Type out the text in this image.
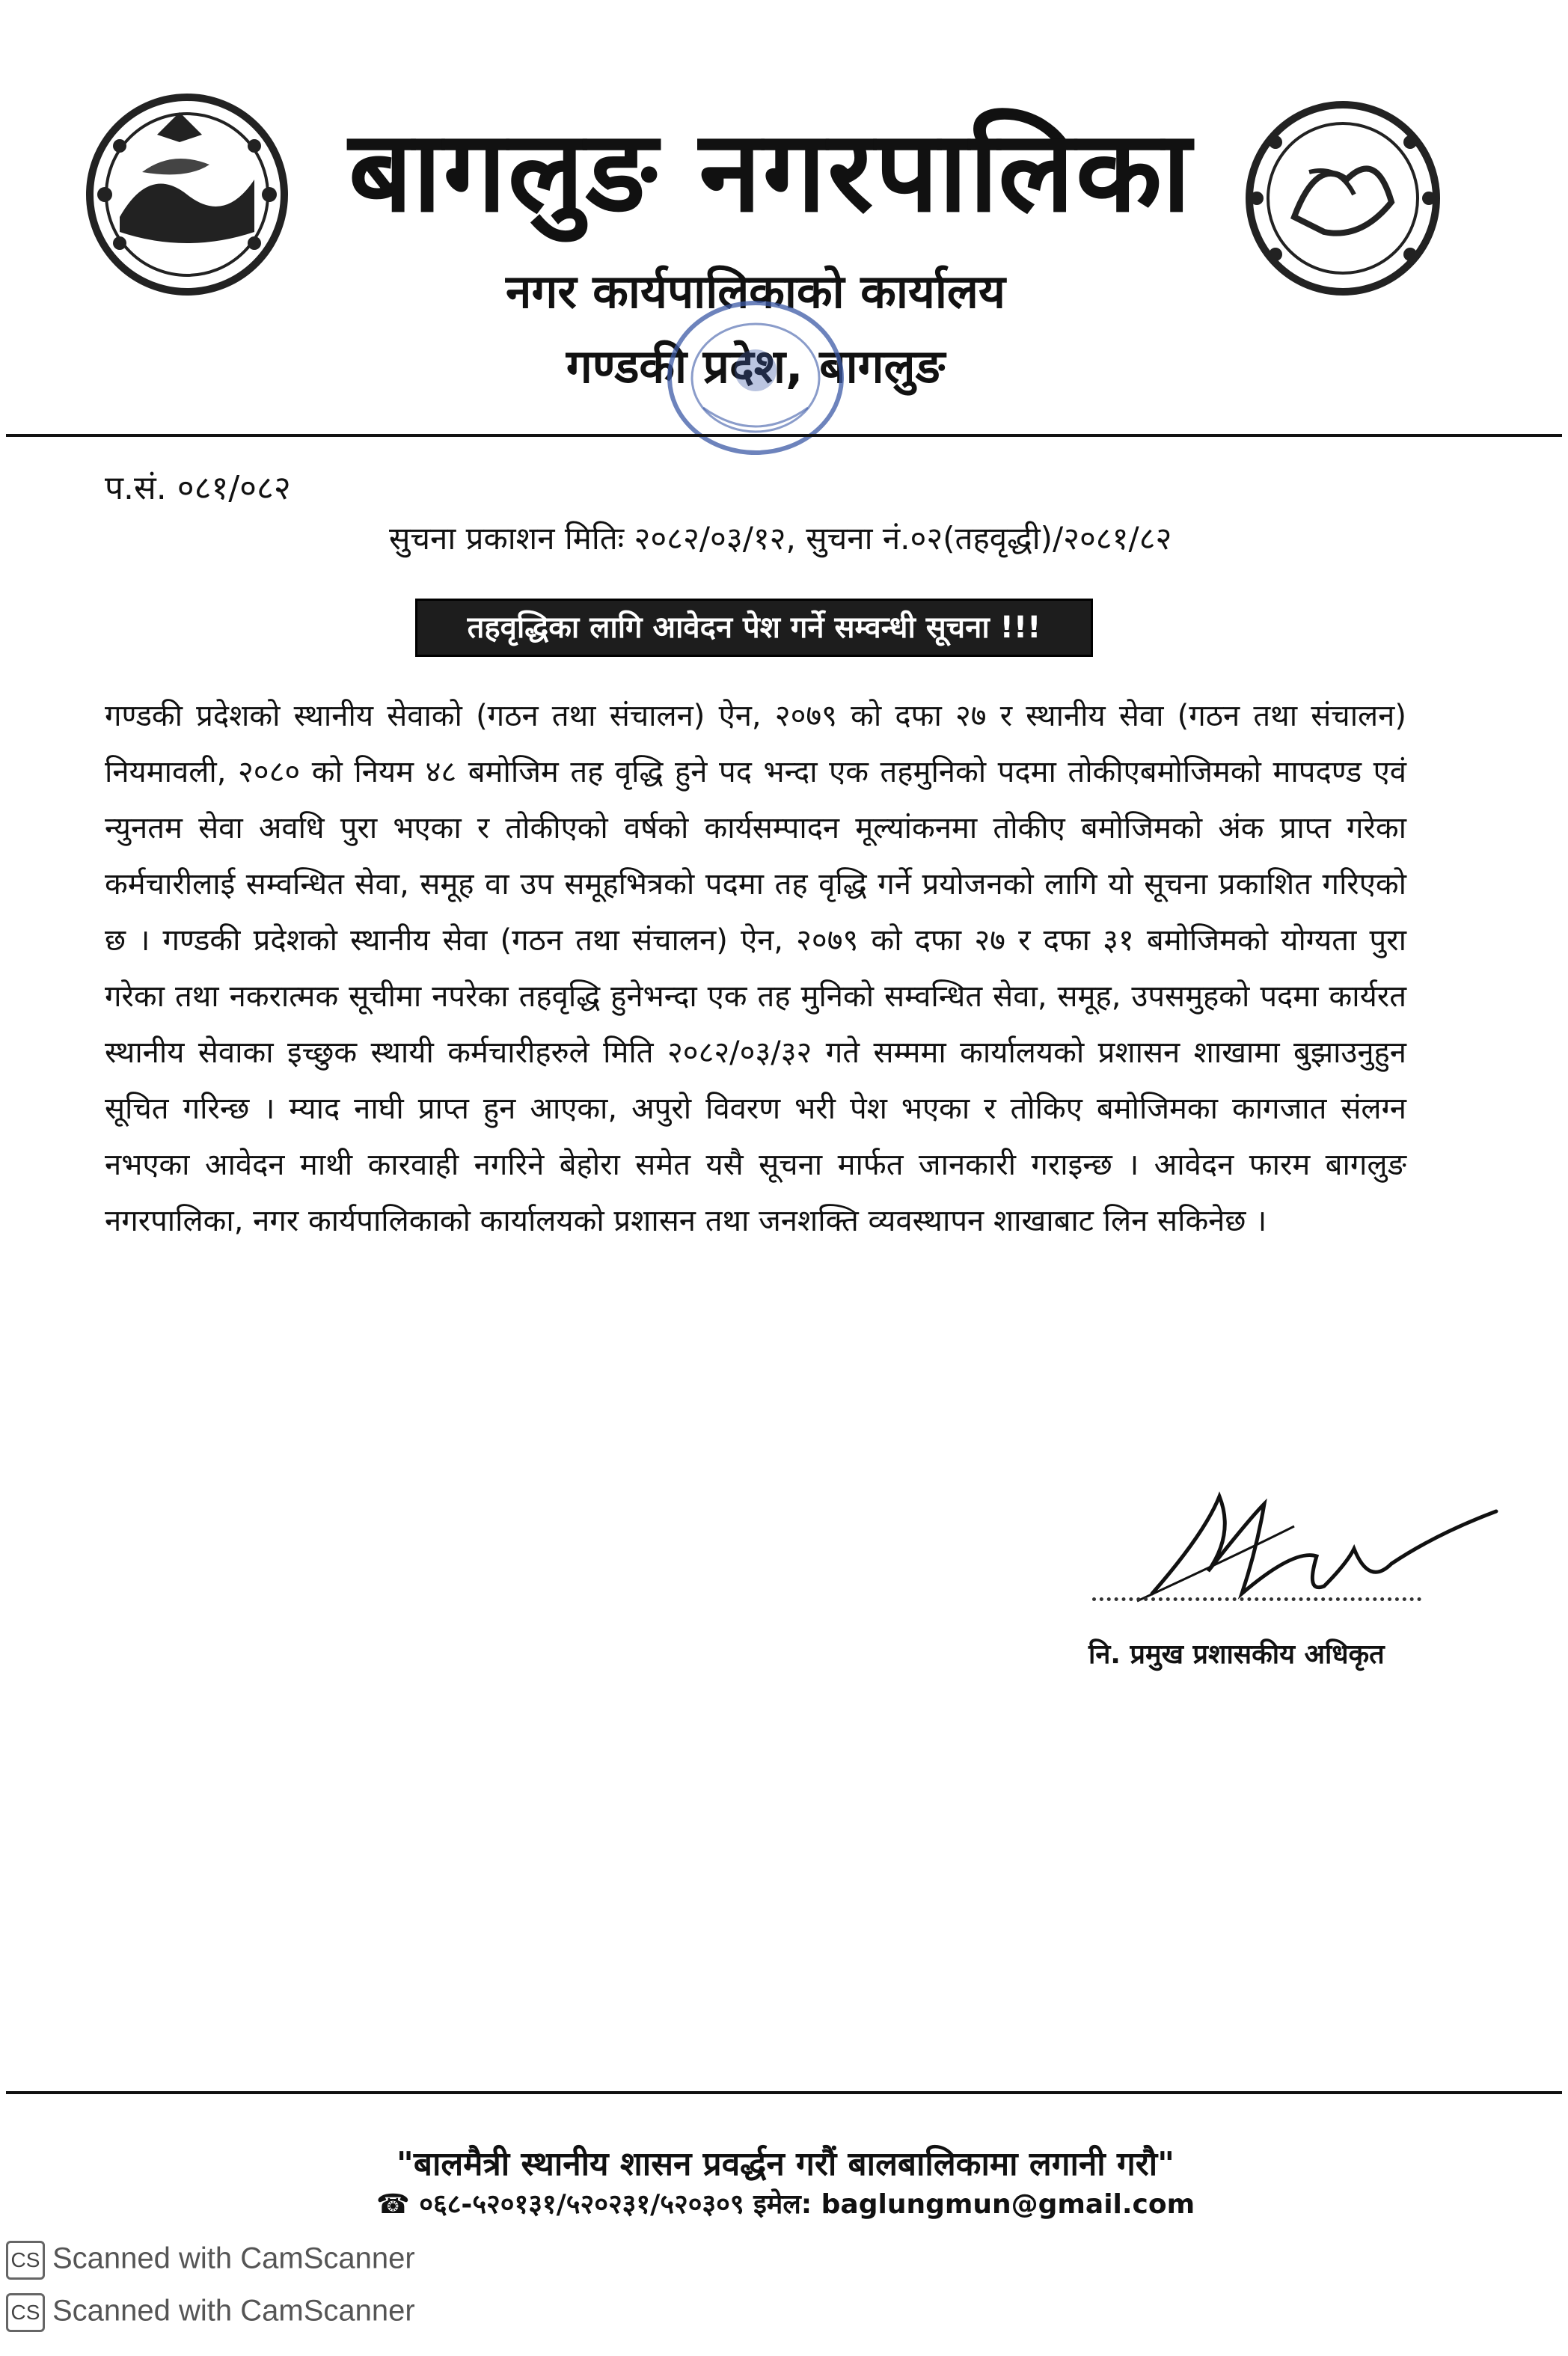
बागलुङ नगरपालिका
नगर कार्यपालिकाको कार्यालय
गण्डकी प्रदेश, बागलुङ
प.सं. ०८१/०८२
सुचना प्रकाशन मितिः २०८२/०३/१२, सुचना नं.०२(तहवृद्धी)/२०८१/८२
तहवृद्धिका लागि आवेदन पेश गर्ने सम्वन्धी सूचना !!!
गण्डकी प्रदेशको स्थानीय सेवाको (गठन तथा संचालन) ऐन, २०७९ को दफा २७ र स्थानीय सेवा (गठन तथा संचालन) नियमावली, २०८० को नियम ४८ बमोजिम तह वृद्धि हुने पद भन्दा एक तहमुनिको पदमा तोकीएबमोजिमको मापदण्ड एवं न्युनतम सेवा अवधि पुरा भएका र तोकीएको वर्षको कार्यसम्पादन मूल्यांकनमा तोकीए बमोजिमको अंक प्राप्त गरेका कर्मचारीलाई सम्वन्धित सेवा, समूह वा उप समूहभित्रको पदमा तह वृद्धि गर्ने प्रयोजनको लागि यो सूचना प्रकाशित गरिएको छ । गण्डकी प्रदेशको स्थानीय सेवा (गठन तथा संचालन) ऐन, २०७९ को दफा २७ र दफा ३१ बमोजिमको योग्यता पुरा गरेका तथा नकरात्मक सूचीमा नपरेका तहवृद्धि हुनेभन्दा एक तह मुनिको सम्वन्धित सेवा, समूह, उपसमुहको पदमा कार्यरत स्थानीय सेवाका इच्छुक स्थायी कर्मचारीहरुले मिति २०८२/०३/३२ गते सम्ममा कार्यालयको प्रशासन शाखामा बुझाउनुहुन सूचित गरिन्छ । म्याद नाघी प्राप्त हुन आएका, अपुरो विवरण भरी पेश भएका र तोकिए बमोजिमका कागजात संलग्न नभएका आवेदन माथी कारवाही नगरिने बेहोरा समेत यसै सूचना मार्फत जानकारी गराइन्छ । आवेदन फारम बागलुङ नगरपालिका, नगर कार्यपालिकाको कार्यालयको प्रशासन तथा जनशक्ति व्यवस्थापन शाखाबाट लिन सकिनेछ ।
नि. प्रमुख प्रशासकीय अधिकृत
"बालमैत्री स्थानीय शासन प्रवर्द्धन गरौं बालबालिकामा लगानी गरौ"
☎ ०६८-५२०१३१/५२०२३१/५२०३०९ इमेल: baglungmun@gmail.com
CS Scanned with CamScanner
CS Scanned with CamScanner
